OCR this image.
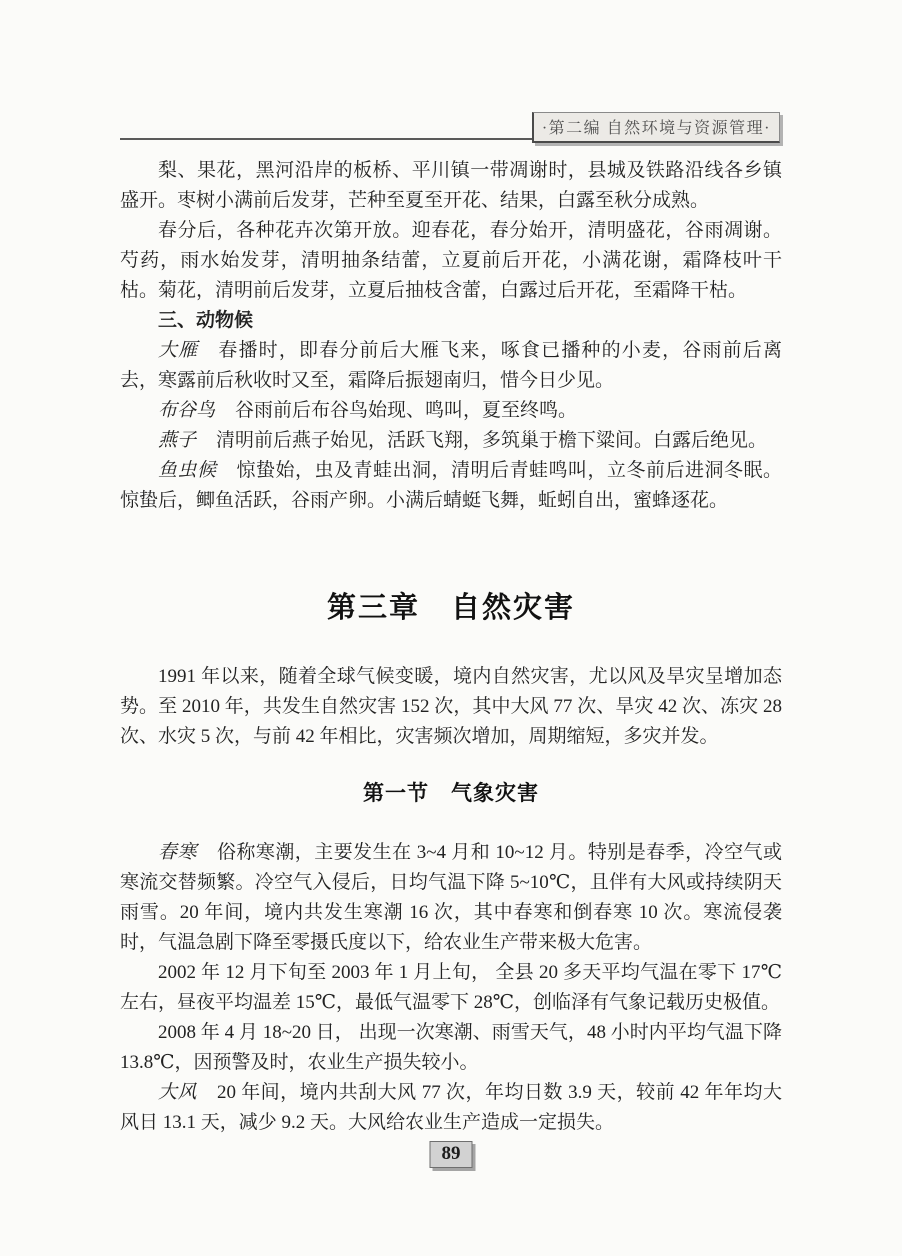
·第二编 自然环境与资源管理·

梨、果花，黑河沿岸的板桥、平川镇一带凋谢时，县城及铁路沿线各乡镇盛开。枣树小满前后发芽，芒种至夏至开花、结果，白露至秋分成熟。

春分后，各种花卉次第开放。迎春花，春分始开，清明盛花，谷雨凋谢。芍药，雨水始发芽，清明抽条结蕾，立夏前后开花，小满花谢，霜降枝叶干枯。菊花，清明前后发芽，立夏后抽枝含蕾，白露过后开花，至霜降干枯。

三、动物候

大雁 春播时，即春分前后大雁飞来，啄食已播种的小麦，谷雨前后离去，寒露前后秋收时又至，霜降后振翅南归，惜今日少见。

布谷鸟 谷雨前后布谷鸟始现、鸣叫，夏至终鸣。

燕子 清明前后燕子始见，活跃飞翔，多筑巢于檐下粱间。白露后绝见。

鱼虫候 惊蛰始，虫及青蛙出洞，清明后青蛙鸣叫，立冬前后进洞冬眠。惊蛰后，鲫鱼活跃，谷雨产卵。小满后蜻蜓飞舞，蚯蚓自出，蜜蜂逐花。

第三章　自然灾害

1991 年以来，随着全球气候变暖，境内自然灾害，尤以风及旱灾呈增加态势。至 2010 年，共发生自然灾害 152 次，其中大风 77 次、旱灾 42 次、冻灾 28 次、水灾 5 次，与前 42 年相比，灾害频次增加，周期缩短，多灾并发。

第一节　气象灾害

春寒 俗称寒潮，主要发生在 3~4 月和 10~12 月。特别是春季，冷空气或寒流交替频繁。冷空气入侵后，日均气温下降 5~10℃，且伴有大风或持续阴天雨雪。20 年间，境内共发生寒潮 16 次，其中春寒和倒春寒 10 次。寒流侵袭时，气温急剧下降至零摄氏度以下，给农业生产带来极大危害。

2002 年 12 月下旬至 2003 年 1 月上旬， 全县 20 多天平均气温在零下 17℃左右，昼夜平均温差 15℃，最低气温零下 28℃，创临泽有气象记载历史极值。

2008 年 4 月 18~20 日， 出现一次寒潮、雨雪天气，48 小时内平均气温下降 13.8℃，因预警及时，农业生产损失较小。

大风 20 年间，境内共刮大风 77 次，年均日数 3.9 天，较前 42 年年均大风日 13.1 天，减少 9.2 天。大风给农业生产造成一定损失。

89
